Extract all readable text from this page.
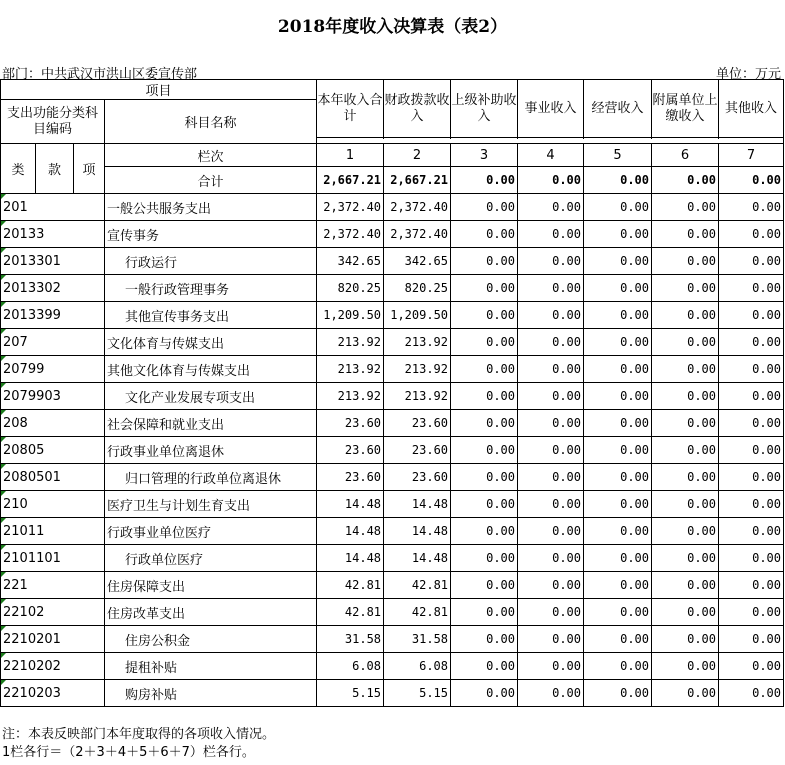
2018年度收入决算表（表2）
部门：中共武汉市洪山区委宣传部	单位：万元
项目				本年收入合计	财政拨款收入	上级补助收入	事业收入	经营收入	附属单位上缴收入	其他收入
支出功能分类科目编码			科目名称							

类	款	项	栏次	1	2	3	4	5	6	7
			合计	2,667.21	2,667.21	0.00	0.00	0.00	0.00	0.00
201			一般公共服务支出	2,372.40	2,372.40	0.00	0.00	0.00	0.00	0.00
20133			宣传事务	2,372.40	2,372.40	0.00	0.00	0.00	0.00	0.00
2013301			行政运行	342.65	342.65	0.00	0.00	0.00	0.00	0.00
2013302			一般行政管理事务	820.25	820.25	0.00	0.00	0.00	0.00	0.00
2013399			其他宣传事务支出	1,209.50	1,209.50	0.00	0.00	0.00	0.00	0.00
207			文化体育与传媒支出	213.92	213.92	0.00	0.00	0.00	0.00	0.00
20799			其他文化体育与传媒支出	213.92	213.92	0.00	0.00	0.00	0.00	0.00
2079903			文化产业发展专项支出	213.92	213.92	0.00	0.00	0.00	0.00	0.00
208			社会保障和就业支出	23.60	23.60	0.00	0.00	0.00	0.00	0.00
20805			行政事业单位离退休	23.60	23.60	0.00	0.00	0.00	0.00	0.00
2080501			归口管理的行政单位离退休	23.60	23.60	0.00	0.00	0.00	0.00	0.00
210			医疗卫生与计划生育支出	14.48	14.48	0.00	0.00	0.00	0.00	0.00
21011			行政事业单位医疗	14.48	14.48	0.00	0.00	0.00	0.00	0.00
2101101			行政单位医疗	14.48	14.48	0.00	0.00	0.00	0.00	0.00
221			住房保障支出	42.81	42.81	0.00	0.00	0.00	0.00	0.00
22102			住房改革支出	42.81	42.81	0.00	0.00	0.00	0.00	0.00
2210201			住房公积金	31.58	31.58	0.00	0.00	0.00	0.00	0.00
2210202			提租补贴	6.08	6.08	0.00	0.00	0.00	0.00	0.00
2210203			购房补贴	5.15	5.15	0.00	0.00	0.00	0.00	0.00
注：本表反映部门本年度取得的各项收入情况。
1栏各行＝（2＋3＋4＋5＋6＋7）栏各行。
